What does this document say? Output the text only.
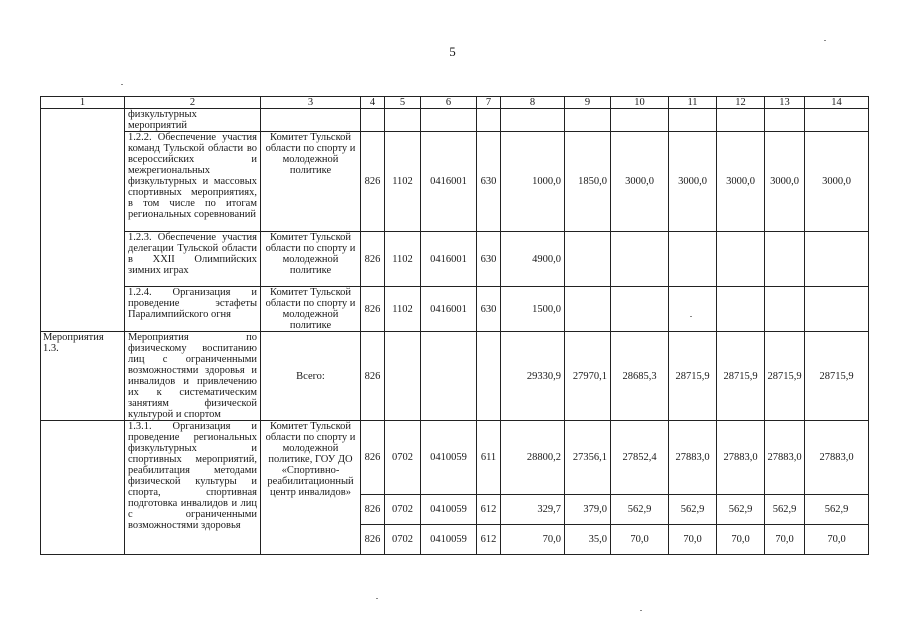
5
1	2	3	4	5	6	7	8	9	10	11	12	13	14
	физкультурных мероприятий												
	1.2.2. Обеспечение участия команд Тульской области во всероссийских и межрегиональных физкультурных и массовых спортивных мероприятиях, в том числе по итогам региональных соревнований	Комитет Тульской области по спорту и молодежной политике	826	1102	0416001	630	1000,0	1850,0	3000,0	3000,0	3000,0	3000,0	3000,0
	1.2.3. Обеспечение участия делегации Тульской области в XXII Олимпийских зимних играх	Комитет Тульской области по спорту и молодежной политике	826	1102	0416001	630	4900,0						
	1.2.4. Организация и проведение эстафеты Паралимпийского огня	Комитет Тульской области по спорту и молодежной политике	826	1102	0416001	630	1500,0						
Мероприятия 1.3.	Мероприятия по физическому воспитанию лиц с ограниченными возможностями здоровья и инвалидов и привлечению их к систематическим занятиям физической культурой и спортом	Всего:	826				29330,9	27970,1	28685,3	28715,9	28715,9	28715,9	28715,9
	1.3.1. Организация и проведение региональных физкультурных и спортивных мероприятий, реабилитация методами физической культуры и спорта, спортивная подготовка инвалидов и лиц с ограниченными возможностями здоровья	Комитет Тульской области по спорту и молодежной политике, ГОУ ДО «Спортивно-реабилитационный центр инвалидов»	826	0702	0410059	611	28800,2	27356,1	27852,4	27883,0	27883,0	27883,0	27883,0
			826	0702	0410059	612	329,7	379,0	562,9	562,9	562,9	562,9	562,9
			826	0702	0410059	612	70,0	35,0	70,0	70,0	70,0	70,0	70,0
